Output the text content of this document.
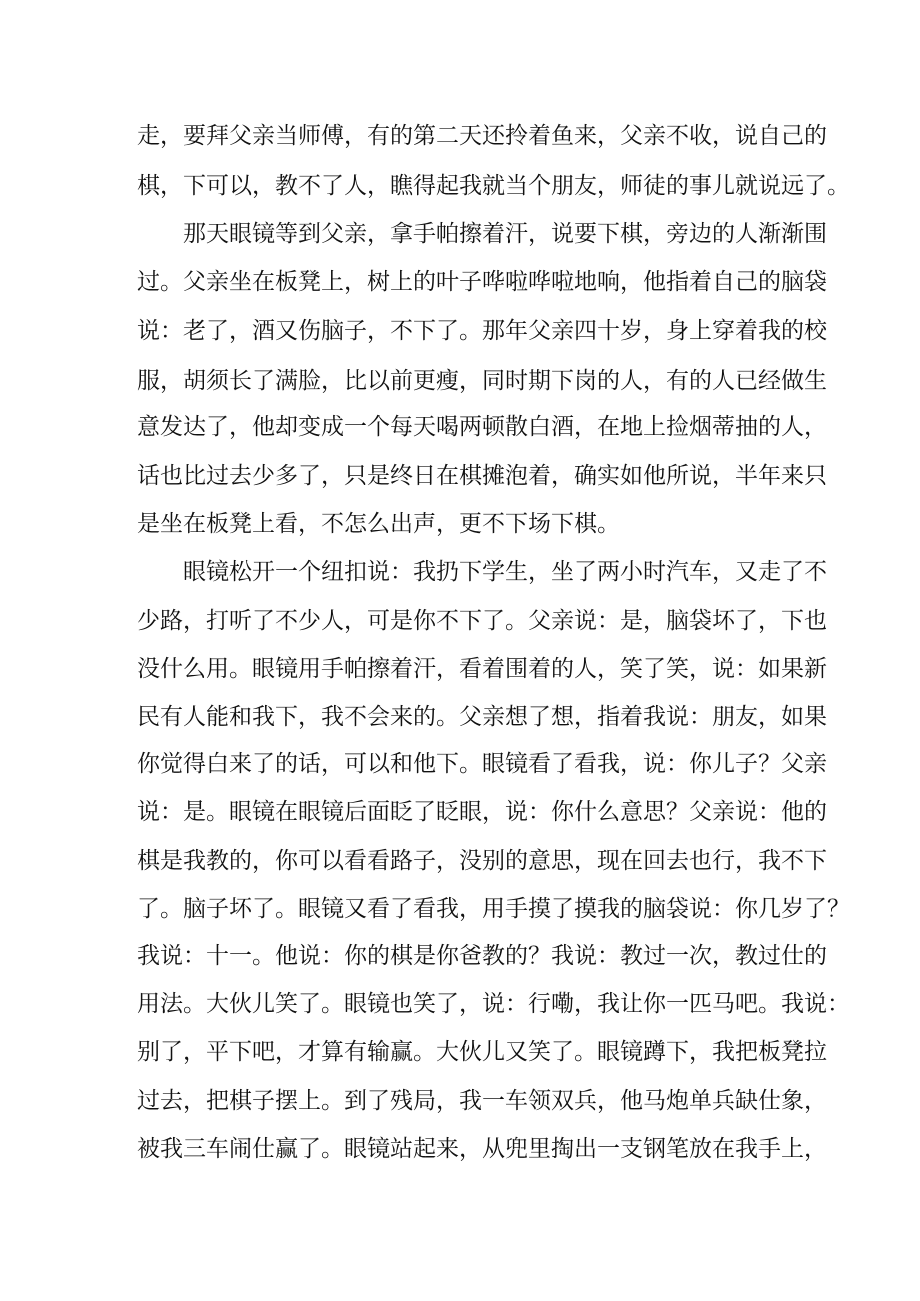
走，要拜父亲当师傅，有的第二天还拎着鱼来，父亲不收，说自己的
棋，下可以，教不了人，瞧得起我就当个朋友，师徒的事儿就说远了。
那天眼镜等到父亲，拿手帕擦着汗，说要下棋，旁边的人渐渐围
过。父亲坐在板凳上，树上的叶子哗啦哗啦地响，他指着自己的脑袋
说：老了，酒又伤脑子，不下了。那年父亲四十岁，身上穿着我的校
服，胡须长了满脸，比以前更瘦，同时期下岗的人，有的人已经做生
意发达了，他却变成一个每天喝两顿散白酒，在地上捡烟蒂抽的人，
话也比过去少多了，只是终日在棋摊泡着，确实如他所说，半年来只
是坐在板凳上看，不怎么出声，更不下场下棋。
眼镜松开一个纽扣说：我扔下学生，坐了两小时汽车，又走了不
少路，打听了不少人，可是你不下了。父亲说：是，脑袋坏了，下也
没什么用。眼镜用手帕擦着汗，看着围着的人，笑了笑，说：如果新
民有人能和我下，我不会来的。父亲想了想，指着我说：朋友，如果
你觉得白来了的话，可以和他下。眼镜看了看我，说：你儿子？父亲
说：是。眼镜在眼镜后面眨了眨眼，说：你什么意思？父亲说：他的
棋是我教的，你可以看看路子，没别的意思，现在回去也行，我不下
了。脑子坏了。眼镜又看了看我，用手摸了摸我的脑袋说：你几岁了？
我说：十一。他说：你的棋是你爸教的？我说：教过一次，教过仕的
用法。大伙儿笑了。眼镜也笑了，说：行嘞，我让你一匹马吧。我说：
别了，平下吧，才算有输赢。大伙儿又笑了。眼镜蹲下，我把板凳拉
过去，把棋子摆上。到了残局，我一车领双兵，他马炮单兵缺仕象，
被我三车闹仕赢了。眼镜站起来，从兜里掏出一支钢笔放在我手上，
